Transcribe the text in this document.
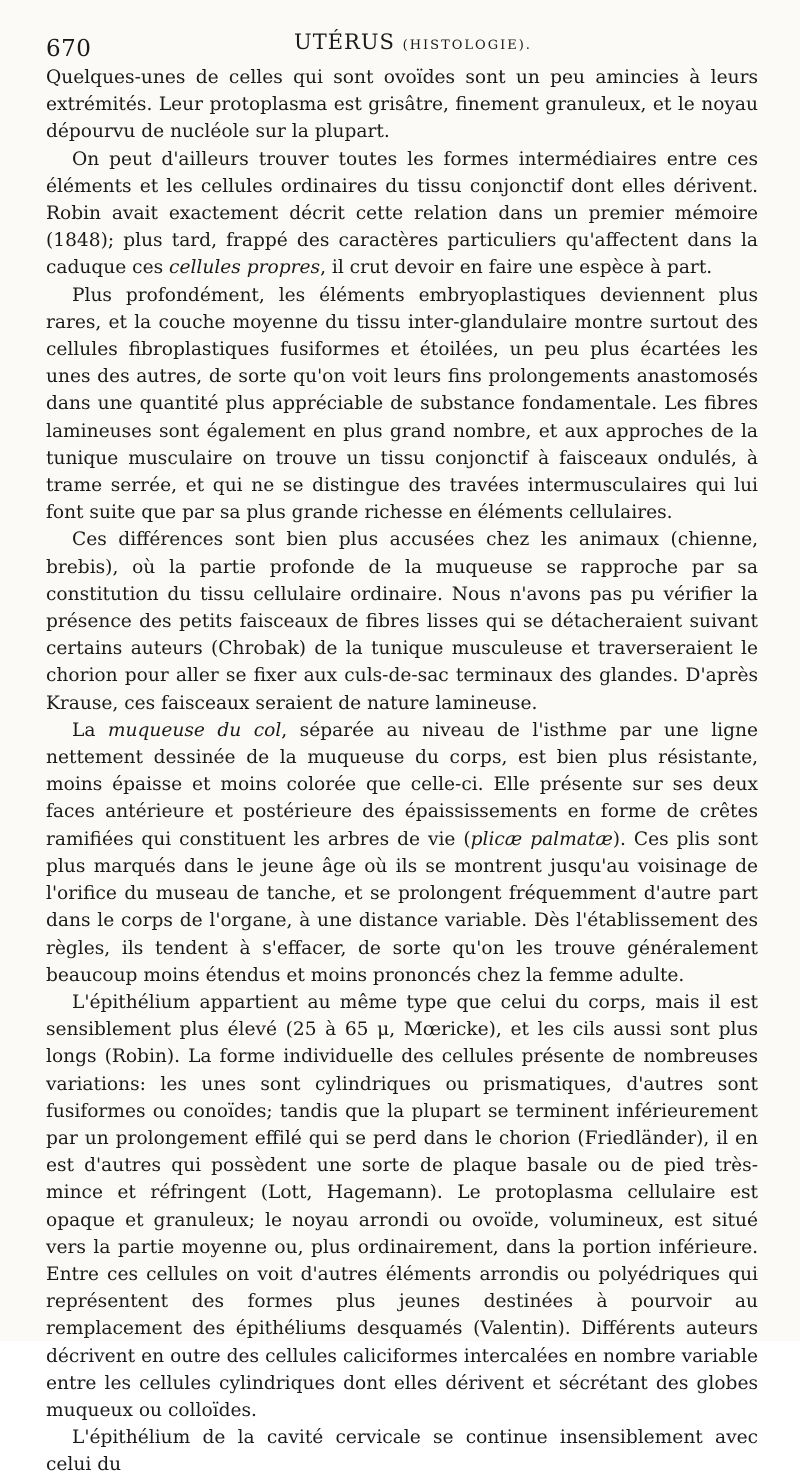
670	UTÉRUS (HISTOLOGIE).

Quelques-unes de celles qui sont ovoïdes sont un peu amincies à leurs extrémités. Leur protoplasma est grisâtre, finement granuleux, et le noyau dépourvu de nucléole sur la plupart.

On peut d'ailleurs trouver toutes les formes intermédiaires entre ces éléments et les cellules ordinaires du tissu conjonctif dont elles dérivent. Robin avait exactement décrit cette relation dans un premier mémoire (1848); plus tard, frappé des caractères particuliers qu'affectent dans la caduque ces cellules propres, il crut devoir en faire une espèce à part.

Plus profondément, les éléments embryoplastiques deviennent plus rares, et la couche moyenne du tissu inter-glandulaire montre surtout des cellules fibroplastiques fusiformes et étoilées, un peu plus écartées les unes des autres, de sorte qu'on voit leurs fins prolongements anastomosés dans une quantité plus appréciable de substance fondamentale. Les fibres lamineuses sont également en plus grand nombre, et aux approches de la tunique musculaire on trouve un tissu conjonctif à faisceaux ondulés, à trame serrée, et qui ne se distingue des travées intermusculaires qui lui font suite que par sa plus grande richesse en éléments cellulaires.

Ces différences sont bien plus accusées chez les animaux (chienne, brebis), où la partie profonde de la muqueuse se rapproche par sa constitution du tissu cellulaire ordinaire. Nous n'avons pas pu vérifier la présence des petits faisceaux de fibres lisses qui se détacheraient suivant certains auteurs (Chrobak) de la tunique musculeuse et traverseraient le chorion pour aller se fixer aux culs-de-sac terminaux des glandes. D'après Krause, ces faisceaux seraient de nature lamineuse.

La muqueuse du col, séparée au niveau de l'isthme par une ligne nettement dessinée de la muqueuse du corps, est bien plus résistante, moins épaisse et moins colorée que celle-ci. Elle présente sur ses deux faces antérieure et postérieure des épaississements en forme de crêtes ramifiées qui constituent les arbres de vie (plicæ palmatæ). Ces plis sont plus marqués dans le jeune âge où ils se montrent jusqu'au voisinage de l'orifice du museau de tanche, et se prolongent fréquemment d'autre part dans le corps de l'organe, à une distance variable. Dès l'établissement des règles, ils tendent à s'effacer, de sorte qu'on les trouve généralement beaucoup moins étendus et moins prononcés chez la femme adulte.

L'épithélium appartient au même type que celui du corps, mais il est sensiblement plus élevé (25 à 65 μ, Mœricke), et les cils aussi sont plus longs (Robin). La forme individuelle des cellules présente de nombreuses variations: les unes sont cylindriques ou prismatiques, d'autres sont fusiformes ou conoïdes; tandis que la plupart se terminent inférieurement par un prolongement effilé qui se perd dans le chorion (Friedländer), il en est d'autres qui possèdent une sorte de plaque basale ou de pied très-mince et réfringent (Lott, Hagemann). Le protoplasma cellulaire est opaque et granuleux; le noyau arrondi ou ovoïde, volumineux, est situé vers la partie moyenne ou, plus ordinairement, dans la portion inférieure. Entre ces cellules on voit d'autres éléments arrondis ou polyédriques qui représentent des formes plus jeunes destinées à pourvoir au remplacement des épithéliums desquamés (Valentin). Différents auteurs décrivent en outre des cellules caliciformes intercalées en nombre variable entre les cellules cylindriques dont elles dérivent et sécrétant des globes muqueux ou colloïdes.

L'épithélium de la cavité cervicale se continue insensiblement avec celui du
